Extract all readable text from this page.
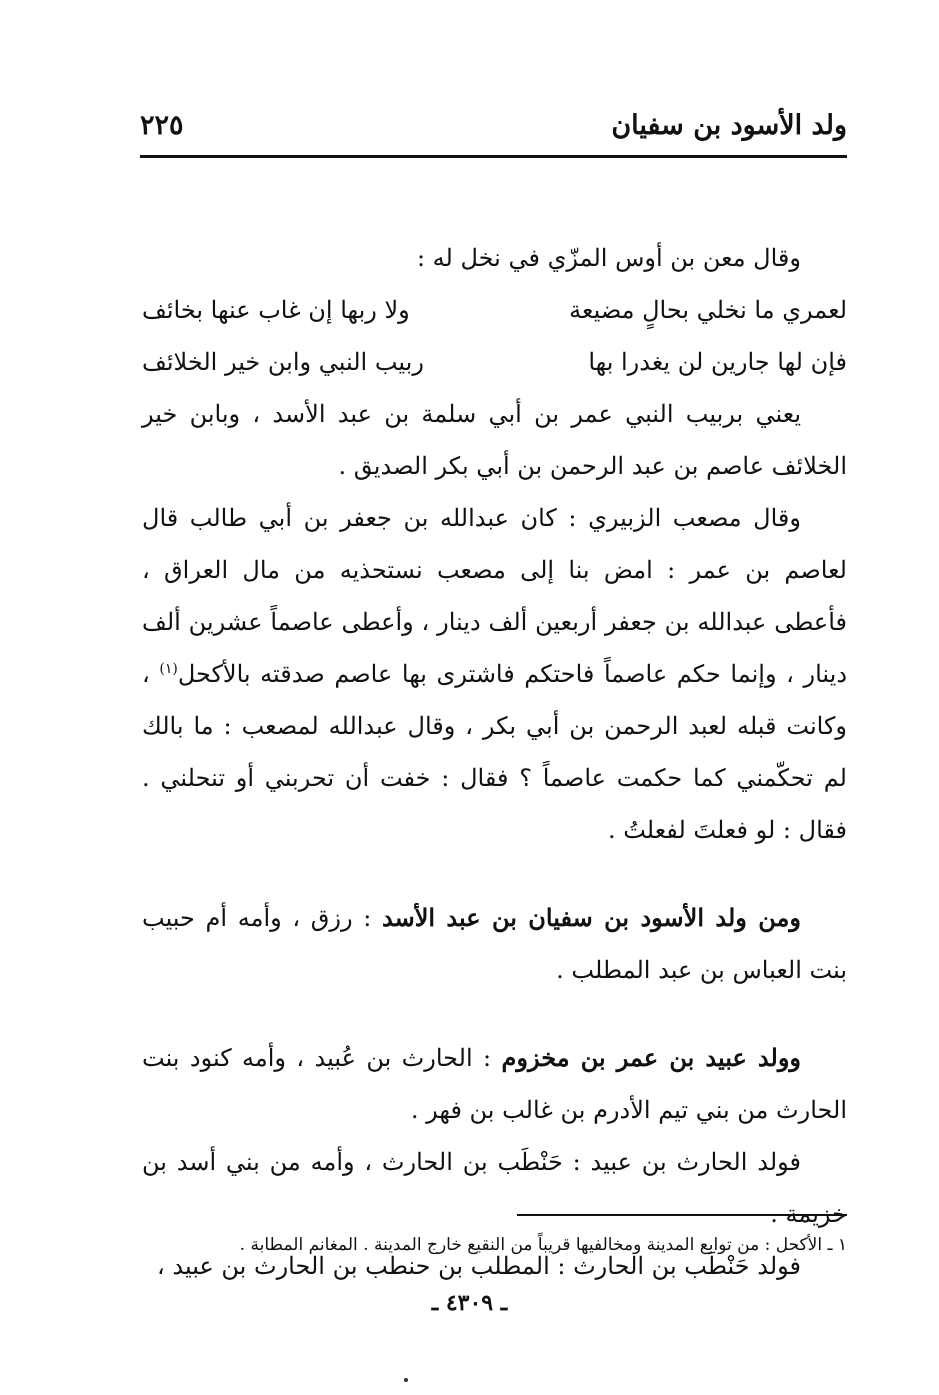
ولد الأسود بن سفيان
٢٢٥

وقال معن بن أوس المزّي في نخل له :

لعمري ما نخلي بحالٍ مضيعة
ولا ربها إن غاب عنها بخائف

فإن لها جارين لن يغدرا بها
ربيب النبي وابن خير الخلائف

يعني بربيب النبي عمر بن أبي سلمة بن عبد الأسد ، وبابن خير الخلائف عاصم بن عبد الرحمن بن أبي بكر الصديق .

وقال مصعب الزبيري : كان عبدالله بن جعفر بن أبي طالب قال لعاصم بن عمر : امض بنا إلى مصعب نستحذيه من مال العراق ، فأعطى عبدالله بن جعفر أربعين ألف دينار ، وأعطى عاصماً عشرين ألف دينار ، وإنما حكم عاصماً فاحتكم فاشترى بها عاصم صدقته بالأكحل$^{(١)}$ ، وكانت قبله لعبد الرحمن بن أبي بكر ، وقال عبدالله لمصعب : ما بالك لم تحكّمني كما حكمت عاصماً ؟ فقال : خفت أن تحربني أو تنحلني . فقال : لو فعلتَ لفعلتُ .

ومن ولد الأسود بن سفيان بن عبد الأسد : رزق ، وأمه أم حبيب بنت العباس بن عبد المطلب .

وولد عبيد بن عمر بن مخزوم : الحارث بن عُبيد ، وأمه كنود بنت الحارث من بني تيم الأدرم بن غالب بن فهر .

فولد الحارث بن عبيد : حَنْطَب بن الحارث ، وأمه من بني أسد بن خزيمة .

فولد حَنْطَب بن الحارث : المطلب بن حنطب بن الحارث بن عبيد ،

١ ـ الأكحل : من توابع المدينة ومخالفيها قريباً من النقيع خارج المدينة . المغانم المطابة .
ـ ٤٣٠٩ ـ
